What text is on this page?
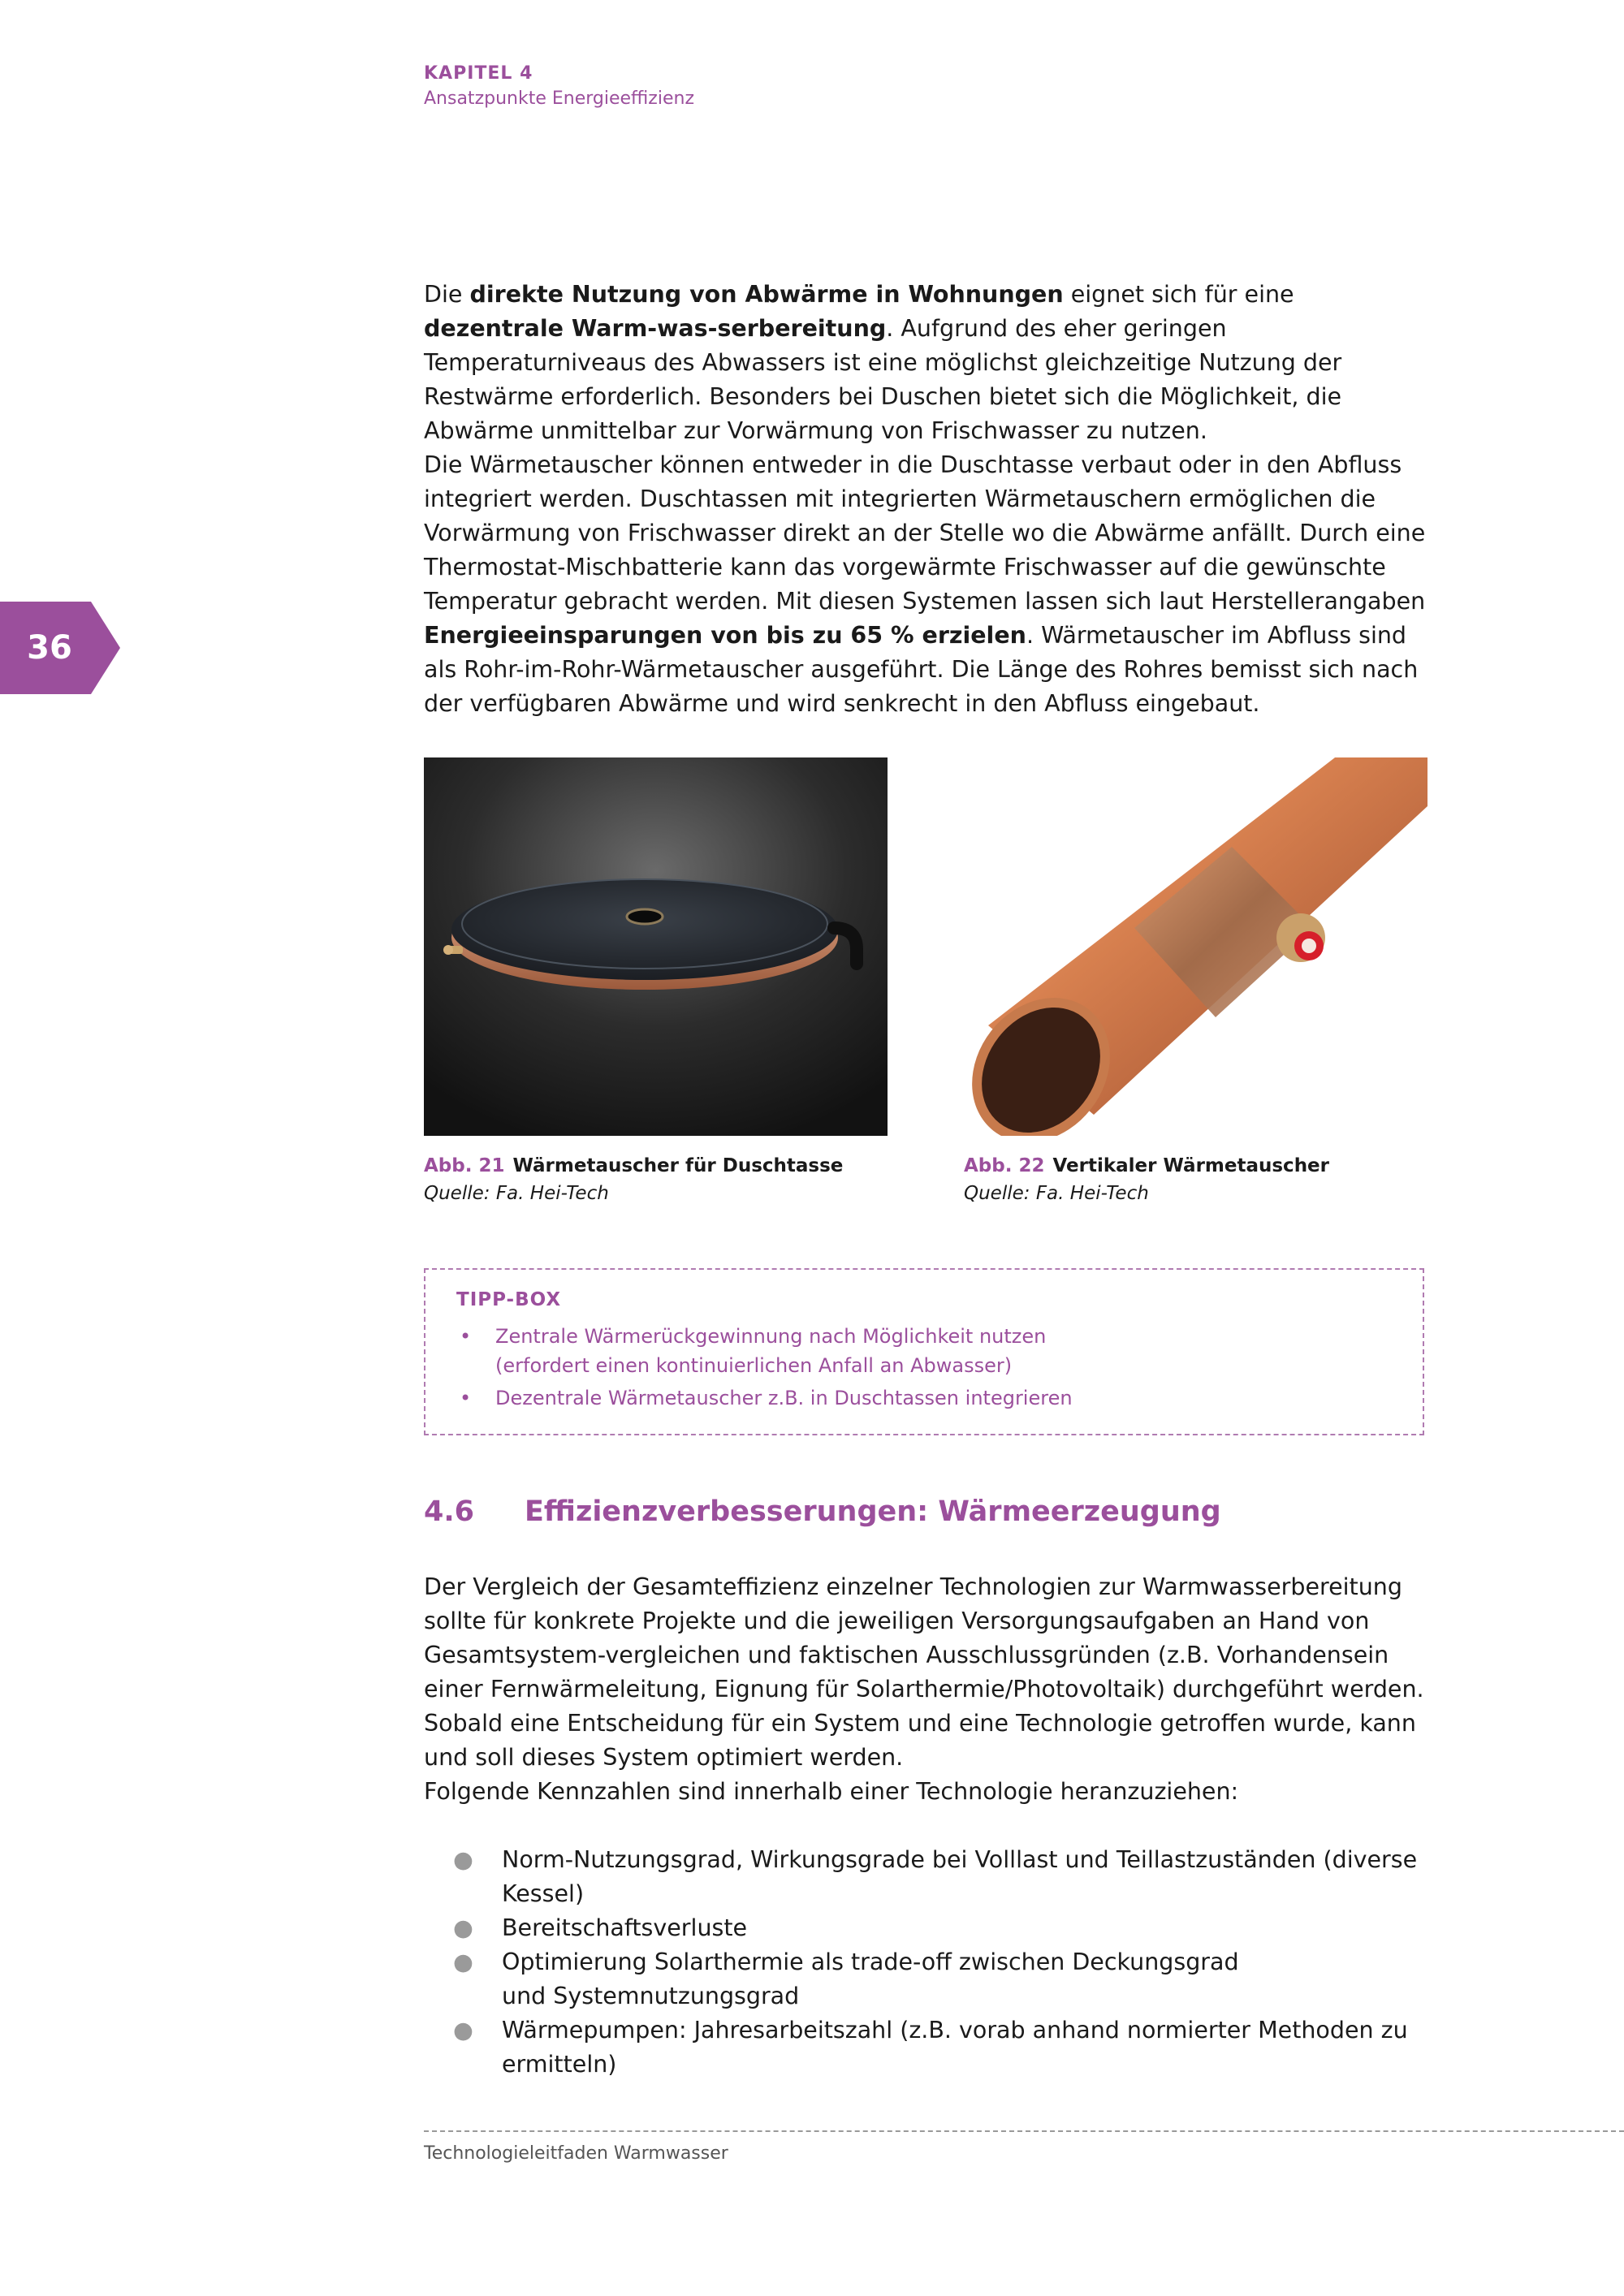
KAPITEL 4
Ansatzpunkte Energieeffizienz
36

Die direkte Nutzung von Abwärme in Wohnungen eignet sich für eine dezentrale Warm-was-serbereitung. Aufgrund des eher geringen Temperaturniveaus des Abwassers ist eine möglichst gleichzeitige Nutzung der Restwärme erforderlich. Besonders bei Duschen bietet sich die Möglichkeit, die Abwärme unmittelbar zur Vorwärmung von Frischwasser zu nutzen.

Die Wärmetauscher können entweder in die Duschtasse verbaut oder in den Abfluss integriert werden. Duschtassen mit integrierten Wärmetauschern ermöglichen die Vorwärmung von Frischwasser direkt an der Stelle wo die Abwärme anfällt. Durch eine Thermostat-Mischbatterie kann das vorgewärmte Frischwasser auf die gewünschte Temperatur gebracht werden. Mit diesen Systemen lassen sich laut Herstellerangaben Energieeinsparungen von bis zu 65 % erzielen. Wärmetauscher im Abfluss sind als Rohr-im-Rohr-Wärmetauscher ausgeführt. Die Länge des Rohres bemisst sich nach der verfügbaren Abwärme und wird senkrecht in den Abfluss eingebaut.

Abb. 21 Wärmetauscher für Duschtasse
Quelle: Fa. Hei-Tech
Abb. 22 Vertikaler Wärmetauscher
Quelle: Fa. Hei-Tech
TIPP-BOX
• Zentrale Wärmerückgewinnung nach Möglichkeit nutzen
(erfordert einen kontinuierlichen Anfall an Abwasser)
• Dezentrale Wärmetauscher z.B. in Duschtassen integrieren
4.6 Effizienzverbesserungen: Wärmeerzeugung

Der Vergleich der Gesamteffizienz einzelner Technologien zur Warmwasserbereitung sollte für konkrete Projekte und die jeweiligen Versorgungsaufgaben an Hand von Gesamtsystem-vergleichen und faktischen Ausschlussgründen (z.B. Vorhandensein einer Fernwärmeleitung, Eignung für Solarthermie/Photovoltaik) durchgeführt werden. Sobald eine Entscheidung für ein System und eine Technologie getroffen wurde, kann und soll dieses System optimiert werden.

Folgende Kennzahlen sind innerhalb einer Technologie heranzuziehen:

● Norm-Nutzungsgrad, Wirkungsgrade bei Volllast und Teillastzuständen (diverse Kessel)
● Bereitschaftsverluste
● Optimierung Solarthermie als trade-off zwischen Deckungsgrad
und Systemnutzungsgrad
● Wärmepumpen: Jahresarbeitszahl (z.B. vorab anhand normierter Methoden zu ermitteln)
Technologieleitfaden Warmwasser
